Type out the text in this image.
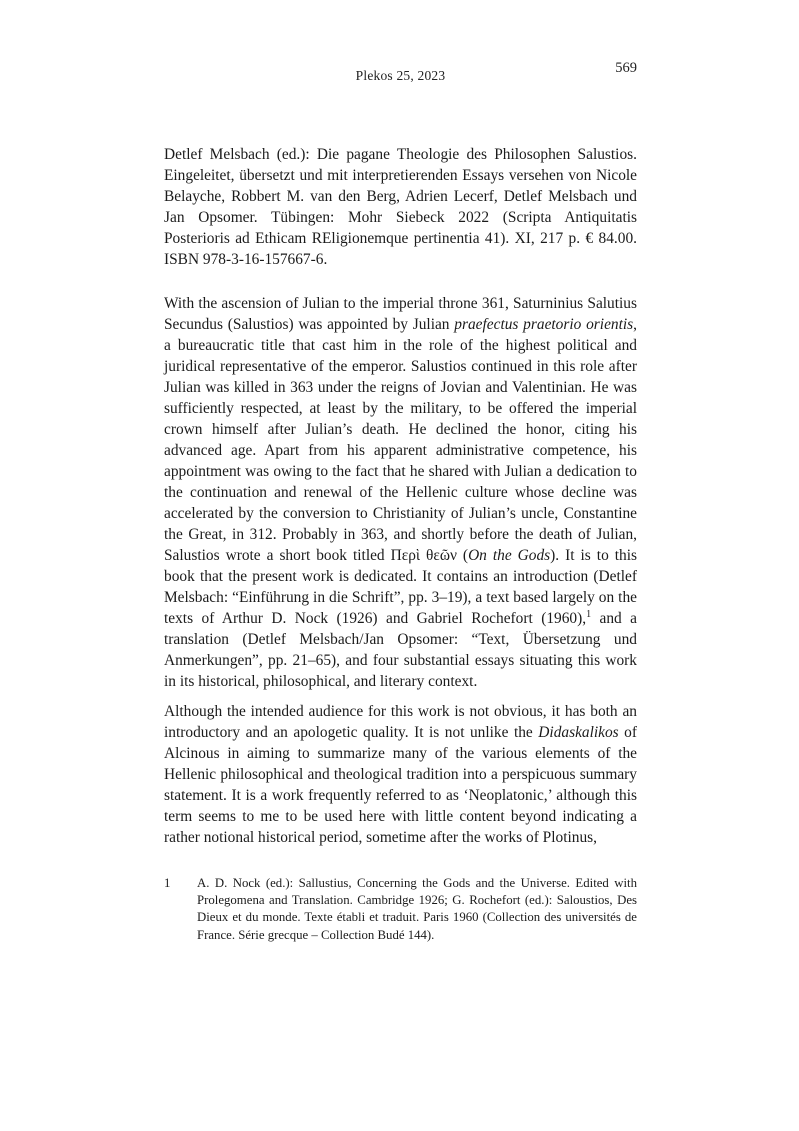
Plekos 25, 2023	569

Detlef Melsbach (ed.): Die pagane Theologie des Philosophen Salustios. Eingeleitet, übersetzt und mit interpretierenden Essays versehen von Nicole Belayche, Robbert M. van den Berg, Adrien Lecerf, Detlef Melsbach und Jan Opsomer. Tübingen: Mohr Siebeck 2022 (Scripta Antiquitatis Posterioris ad Ethicam REligionemque pertinentia 41). XI, 217 p. € 84.00. ISBN 978-3-16-157667-6.

With the ascension of Julian to the imperial throne 361, Saturninius Salutius Secundus (Salustios) was appointed by Julian praefectus praetorio orientis, a bureaucratic title that cast him in the role of the highest political and juridical representative of the emperor. Salustios continued in this role after Julian was killed in 363 under the reigns of Jovian and Valentinian. He was sufficiently respected, at least by the military, to be offered the imperial crown himself after Julian’s death. He declined the honor, citing his advanced age. Apart from his apparent administrative competence, his appointment was owing to the fact that he shared with Julian a dedication to the continuation and renewal of the Hellenic culture whose decline was accelerated by the conversion to Christianity of Julian’s uncle, Constantine the Great, in 312. Probably in 363, and shortly before the death of Julian, Salustios wrote a short book titled Περὶ θεῶν (On the Gods). It is to this book that the present work is dedicated. It contains an introduction (Detlef Melsbach: “Einführung in die Schrift”, pp. 3–19), a text based largely on the texts of Arthur D. Nock (1926) and Gabriel Rochefort (1960),$^1$ and a translation (Detlef Melsbach/Jan Opsomer: “Text, Übersetzung und Anmerkungen”, pp. 21–65), and four substantial essays situating this work in its historical, philosophical, and literary context.

Although the intended audience for this work is not obvious, it has both an introductory and an apologetic quality. It is not unlike the Didaskalikos of Alcinous in aiming to summarize many of the various elements of the Hellenic philosophical and theological tradition into a perspicuous summary statement. It is a work frequently referred to as ‘Neoplatonic,’ although this term seems to me to be used here with little content beyond indicating a rather notional historical period, sometime after the works of Plotinus,

1 A. D. Nock (ed.): Sallustius, Concerning the Gods and the Universe. Edited with Prolegomena and Translation. Cambridge 1926; G. Rochefort (ed.): Saloustios, Des Dieux et du monde. Texte établi et traduit. Paris 1960 (Collection des universités de France. Série grecque – Collection Budé 144).
